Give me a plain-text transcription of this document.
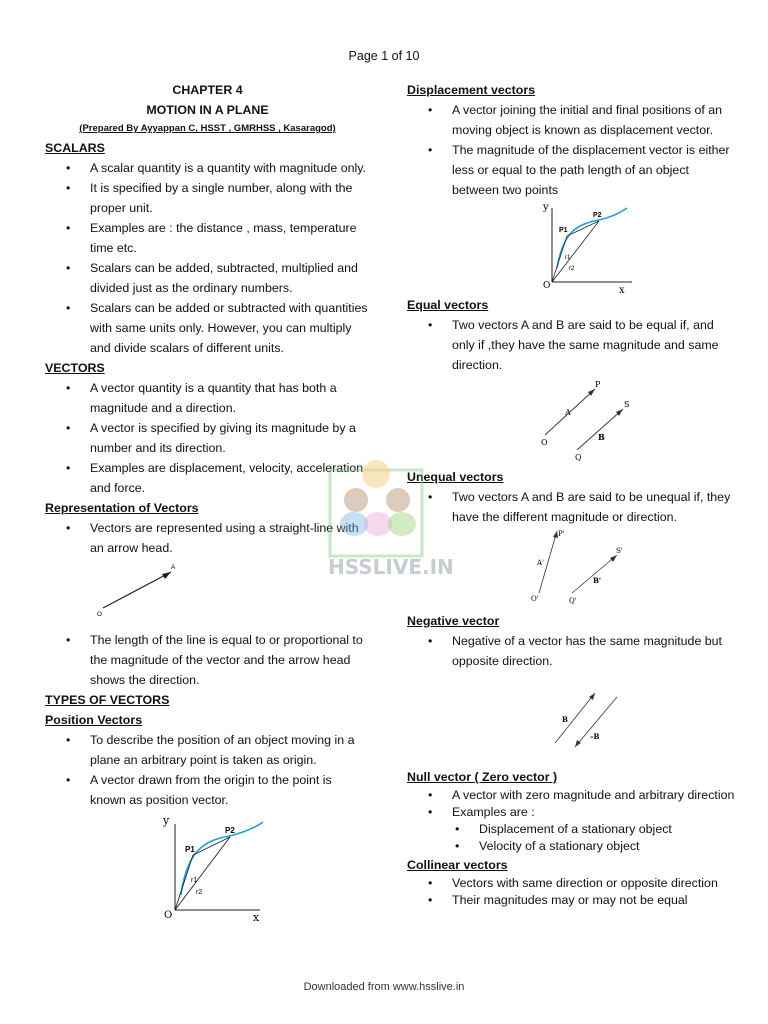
Page 1 of 10
CHAPTER 4
MOTION IN A PLANE
(Prepared By Ayyappan C, HSST , GMRHSS , Kasaragod)
SCALARS
• A scalar quantity is a quantity with magnitude only.
• It is specified by a single number, along with the proper unit.
• Examples are : the distance , mass, temperature time etc.
• Scalars can be added, subtracted, multiplied and divided just as the ordinary numbers.
• Scalars can be added or subtracted with quantities with same units only. However, you can multiply and divide scalars of different units.
VECTORS
• A vector quantity is a quantity that has both a magnitude and a direction.
• A vector is specified by giving its magnitude by a number and its direction.
• Examples are displacement, velocity, acceleration and force.
Representation of Vectors
• Vectors are represented using a straight-line with an arrow head.
O
A
• The length of the line is equal to or proportional to the magnitude of the vector and the arrow head shows the direction.
TYPES OF VECTORS
Position Vectors
• To describe the position of an object moving in a plane an arbitrary point is taken as origin.
• A vector drawn from the origin to the point is known as position vector.
y
x
O
P1
P2
r1
r2
Displacement vectors
• A vector joining the initial and final positions of an moving object is known as displacement vector.
• The magnitude of the displacement vector is either less or equal to the path length of an object between two points
y
x
O
P1
P2
r1
r2
Equal vectors
• Two vectors A and B are said to be equal if, and only if ,they have the same magnitude and same direction.
O
P
A
Q
S
B
Unequal vectors
• Two vectors A and B are said to be unequal if, they have the different magnitude or direction.
O'
P'
A'
Q'
S'
B'
Negative vector
• Negative of a vector has the same magnitude but opposite direction.
B
–B
Null vector ( Zero vector )
• A vector with zero magnitude and arbitrary direction
• Examples are :
• Displacement of a stationary object
• Velocity of a stationary object
Collinear vectors
• Vectors with same direction or opposite direction
• Their magnitudes may or may not be equal
HSSLIVE.IN
Downloaded from www.hsslive.in
